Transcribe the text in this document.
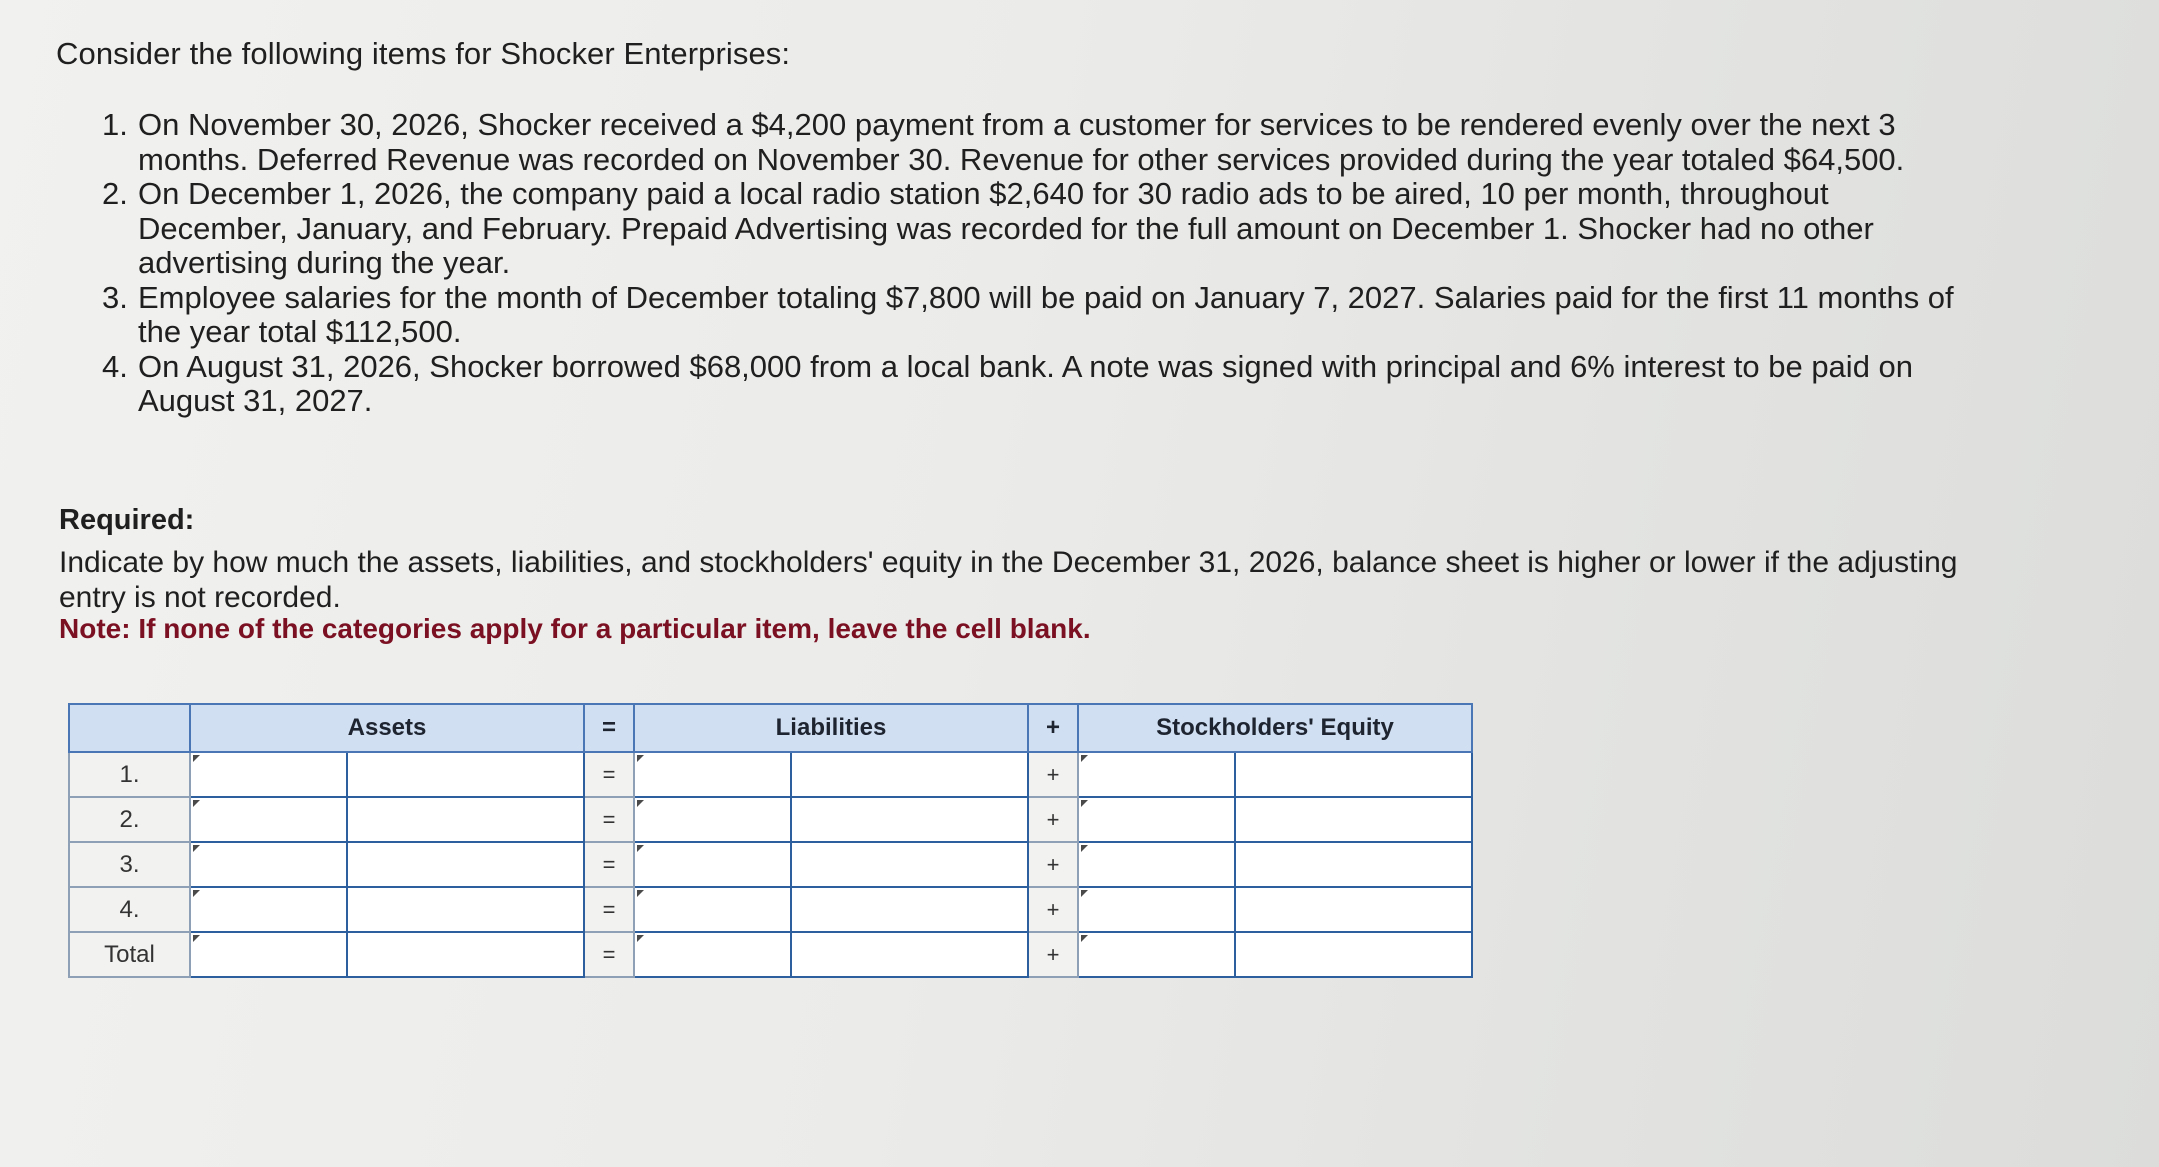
Consider the following items for Shocker Enterprises:
1. On November 30, 2026, Shocker received a $4,200 payment from a customer for services to be rendered evenly over the next 3 months. Deferred Revenue was recorded on November 30. Revenue for other services provided during the year totaled $64,500.
2. On December 1, 2026, the company paid a local radio station $2,640 for 30 radio ads to be aired, 10 per month, throughout December, January, and February. Prepaid Advertising was recorded for the full amount on December 1. Shocker had no other advertising during the year.
3. Employee salaries for the month of December totaling $7,800 will be paid on January 7, 2027. Salaries paid for the first 11 months of the year total $112,500.
4. On August 31, 2026, Shocker borrowed $68,000 from a local bank. A note was signed with principal and 6% interest to be paid on August 31, 2027.
Required:
Indicate by how much the assets, liabilities, and stockholders' equity in the December 31, 2026, balance sheet is higher or lower if the adjusting entry is not recorded.
Note: If none of the categories apply for a particular item, leave the cell blank.
	Assets		=	Liabilities		+	Stockholders' Equity	
1.			=			+	

2.			=			+	

3.			=			+	

4.			=			+	

Total			=			+	
